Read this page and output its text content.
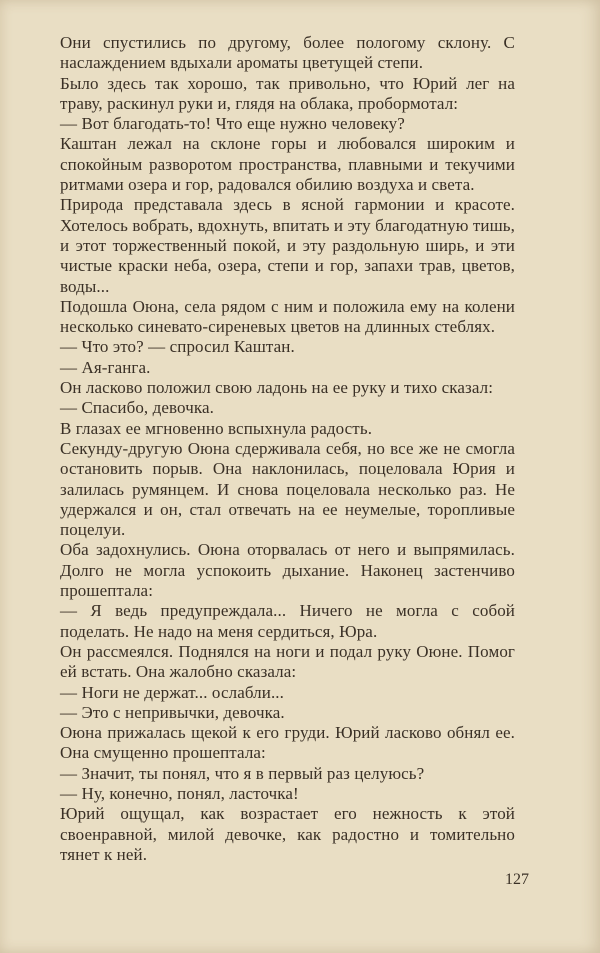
Они спустились по другому, более пологому склону. С наслаждением вдыхали ароматы цветущей степи.

Было здесь так хорошо, так привольно, что Юрий лег на траву, раскинул руки и, глядя на облака, пробормотал:

— Вот благодать-то! Что еще нужно человеку?

Каштан лежал на склоне горы и любовался широким и спокойным разворотом пространства, плавными и текучими ритмами озера и гор, радовался обилию воздуха и света.

Природа представала здесь в ясной гармонии и красоте. Хотелось вобрать, вдохнуть, впитать и эту благодатную тишь, и этот торжественный покой, и эту раздольную ширь, и эти чистые краски неба, озера, степи и гор, запахи трав, цветов, воды...

Подошла Оюна, села рядом с ним и положила ему на колени несколько синевато-сиреневых цветов на длинных стеблях.

— Что это? — спросил Каштан.

— Ая-ганга.

Он ласково положил свою ладонь на ее руку и тихо сказал:

— Спасибо, девочка.

В глазах ее мгновенно вспыхнула радость.

Секунду-другую Оюна сдерживала себя, но все же не смогла остановить порыв. Она наклонилась, поцеловала Юрия и залилась румянцем. И снова поцеловала несколько раз. Не удержался и он, стал отвечать на ее неумелые, торопливые поцелуи.

Оба задохнулись. Оюна оторвалась от него и выпрямилась. Долго не могла успокоить дыхание. Наконец застенчиво прошептала:

— Я ведь предупреждала... Ничего не могла с собой поделать. Не надо на меня сердиться, Юра.

Он рассмеялся. Поднялся на ноги и подал руку Оюне. Помог ей встать. Она жалобно сказала:

— Ноги не держат... ослабли...

— Это с непривычки, девочка.

Оюна прижалась щекой к его груди. Юрий ласково обнял ее. Она смущенно прошептала:

— Значит, ты понял, что я в первый раз целуюсь?

— Ну, конечно, понял, ласточка!

Юрий ощущал, как возрастает его нежность к этой своенравной, милой девочке, как радостно и томительно тянет к ней.

127
